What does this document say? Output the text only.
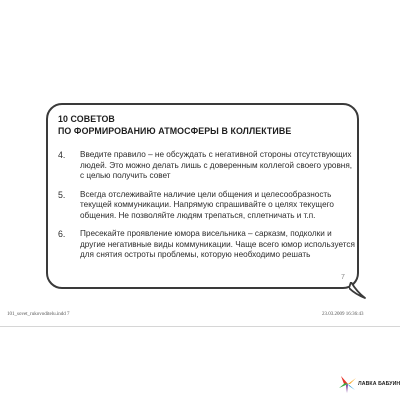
10 СОВЕТОВ
ПО ФОРМИРОВАНИЮ АТМОСФЕРЫ В КОЛЛЕКТИВЕ
4.	Введите правило – не обсуждать с негативной стороны отсутствующих
людей. Это можно делать лишь с доверенным коллегой своего уровня,
с целью получить совет
5.	Всегда отслеживайте наличие цели общения и целесообразность
текущей коммуникации. Напрямую спрашивайте о целях текущего
общения. Не позволяйте людям трепаться, сплетничать и т.п.
6.	Пресекайте проявление юмора висельника – сарказм, подколки и
другие негативные виды коммуникации. Чаще всего юмор используется
для снятия остроты проблемы, которую необходимо решать
7
101_sovet_rukovoditelu.indd 7	23.03.2009 16:36:43
ЛАВКА БАБУИН
